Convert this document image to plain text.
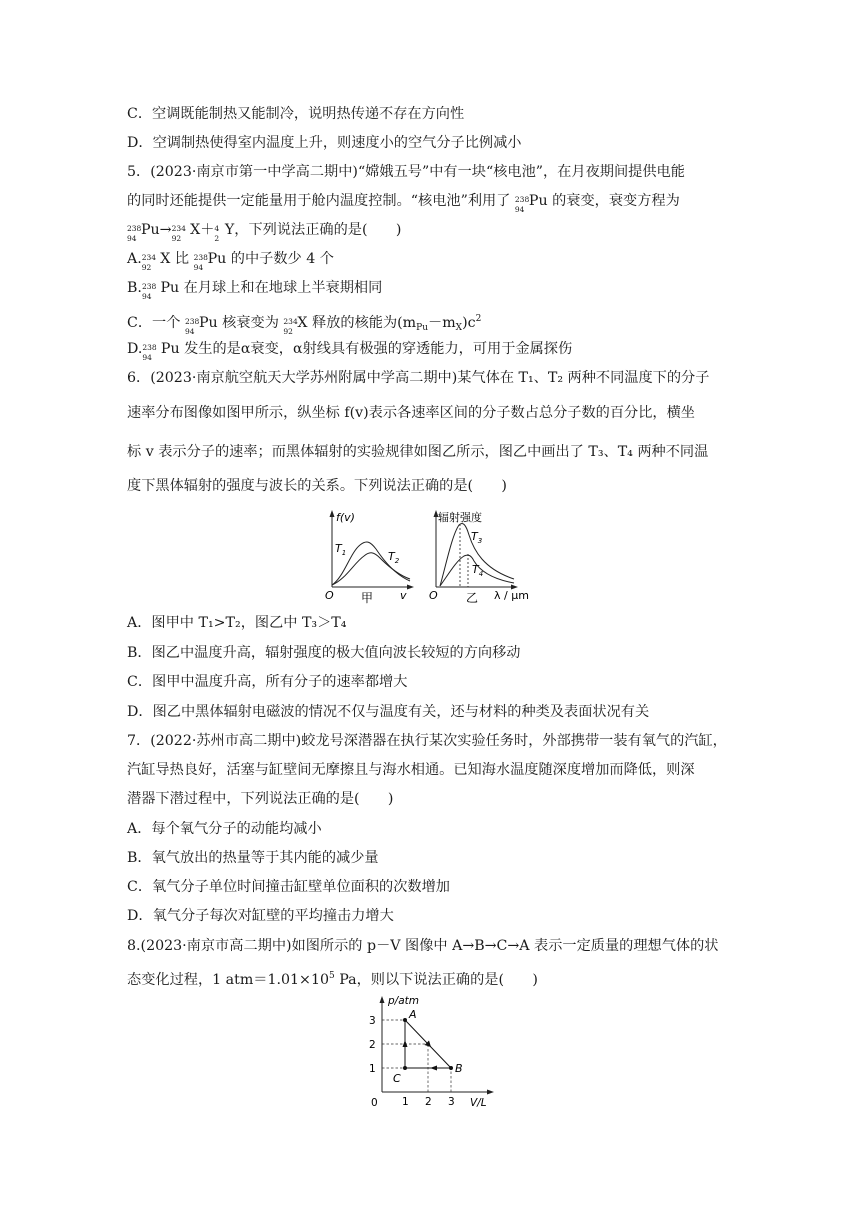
C．空调既能制热又能制冷，说明热传递不存在方向性
D．空调制热使得室内温度上升，则速度小的空气分子比例减小
5．(2023·南京市第一中学高二期中)“嫦娥五号”中有一块“核电池”，在月夜期间提供电能
的同时还能提供一定能量用于舱内温度控制。“核电池”利用了 238
94
Pu 的衰变，衰变方程为
238
94
Pu→ 234
92
X＋ 4
2
Y，下列说法正确的是(　　)
A. 234
92
X 比 238
94
Pu 的中子数少 4 个
B. 238
94
Pu 在月球上和在地球上半衰期相同
C．一个 238
94
Pu 核衰变为 234
92
X 释放的核能为$(m_{Pu}-m_X)c^2$
D. 238
94
Pu 发生的是α衰变，α射线具有极强的穿透能力，可用于金属探伤
6．(2023·南京航空航天大学苏州附属中学高二期中)某气体在 T₁、T₂ 两种不同温度下的分子
速率分布图像如图甲所示，纵坐标 f(v)表示各速率区间的分子数占总分子数的百分比，横坐
标 v 表示分子的速率；而黑体辐射的实验规律如图乙所示，图乙中画出了 T₃、T₄ 两种不同温
度下黑体辐射的强度与波长的关系。下列说法正确的是(　　)
f(v)
O	v
甲
$T_1$	$T_2$
辐射强度
O 乙 λ / μm
$T_3$
$T_4$
A．图甲中 T₁>T₂，图乙中 T₃＞T₄
B．图乙中温度升高，辐射强度的极大值向波长较短的方向移动
C．图甲中温度升高，所有分子的速率都增大
D．图乙中黑体辐射电磁波的情况不仅与温度有关，还与材料的种类及表面状况有关
7．(2022·苏州市高二期中)蛟龙号深潜器在执行某次实验任务时，外部携带一装有氧气的汽缸，
汽缸导热良好，活塞与缸壁间无摩擦且与海水相通。已知海水温度随深度增加而降低，则深
潜器下潜过程中，下列说法正确的是(　　)
A．每个氧气分子的动能均减小
B．氧气放出的热量等于其内能的减少量
C．氧气分子单位时间撞击缸壁单位面积的次数增加
D．氧气分子每次对缸壁的平均撞击力增大
8.(2023·南京市高二期中)如图所示的 p－V 图像中 A→B→C→A 表示一定质量的理想气体的状
态变化过程，1 $atm=1.01\times 10^5$ Pa，则以下说法正确的是(　　)
1 2 3
1
2
3	A
B
C
p/atm
V/L
0
